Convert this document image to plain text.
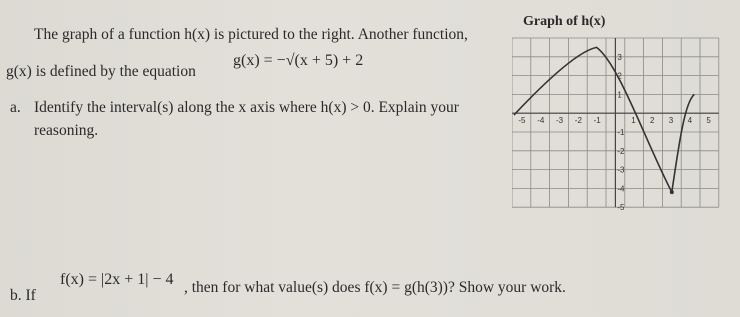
The graph of a function h(x) is pictured to the right. Another function,
g(x) is defined by the equation
g(x) = −√(x + 5) + 2
a. Identify the interval(s) along the x axis where h(x) > 0. Explain your
reasoning.
b. If
f(x) = |2x + 1| − 4 , then for what value(s) does f(x) = g(h(3))? Show your work.
Graph of h(x)
-5 -4 -3 -2 -1	1 2 3 4 5
3
2
1
-1
-2
-3
-4
-5
